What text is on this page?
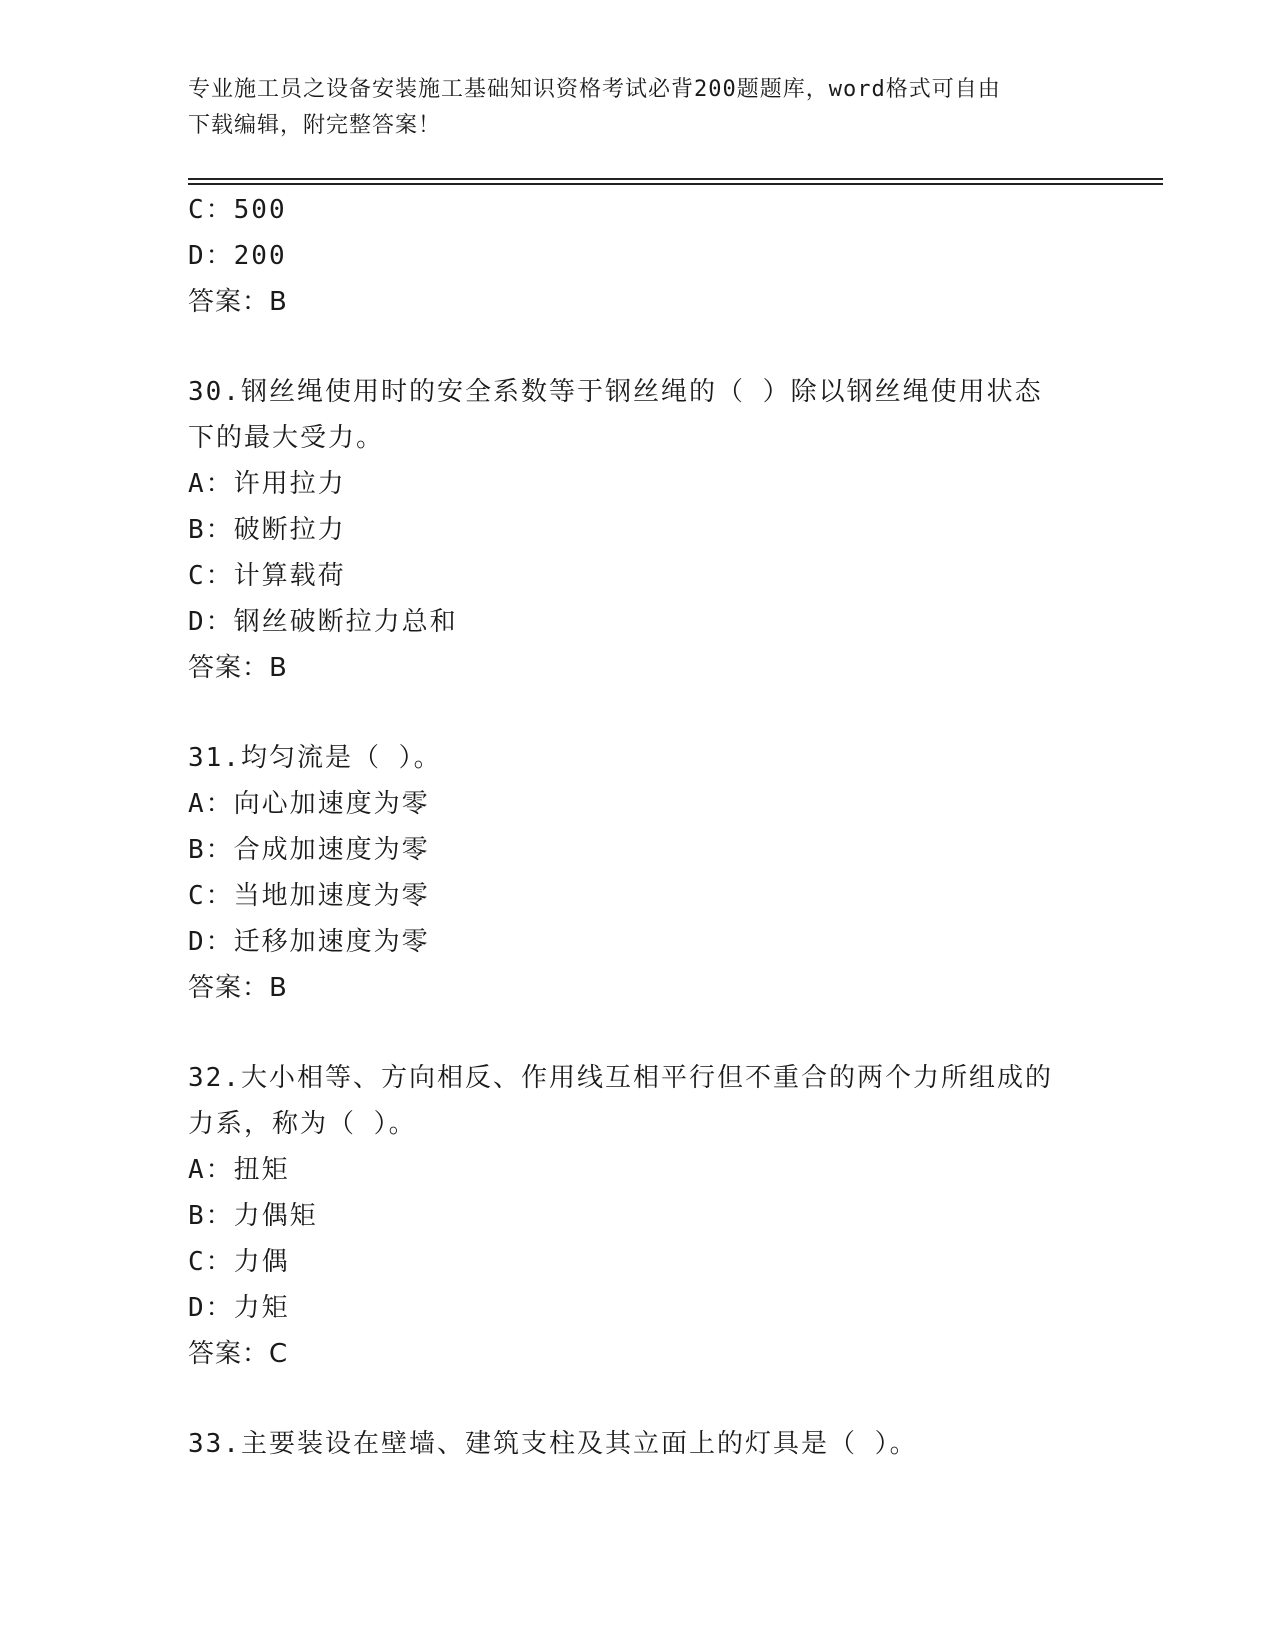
专业施工员之设备安装施工基础知识资格考试必背200题题库，word格式可自由
下载编辑，附完整答案！
C：500
D：200
答案：B
30.钢丝绳使用时的安全系数等于钢丝绳的（ ）除以钢丝绳使用状态
下的最大受力。
A：许用拉力
B：破断拉力
C：计算载荷
D：钢丝破断拉力总和
答案：B
31.均匀流是（ ）。
A：向心加速度为零
B：合成加速度为零
C：当地加速度为零
D：迁移加速度为零
答案：B
32.大小相等、方向相反、作用线互相平行但不重合的两个力所组成的
力系，称为（ ）。
A：扭矩
B：力偶矩
C：力偶
D：力矩
答案：C
33.主要装设在壁墙、建筑支柱及其立面上的灯具是（ ）。
